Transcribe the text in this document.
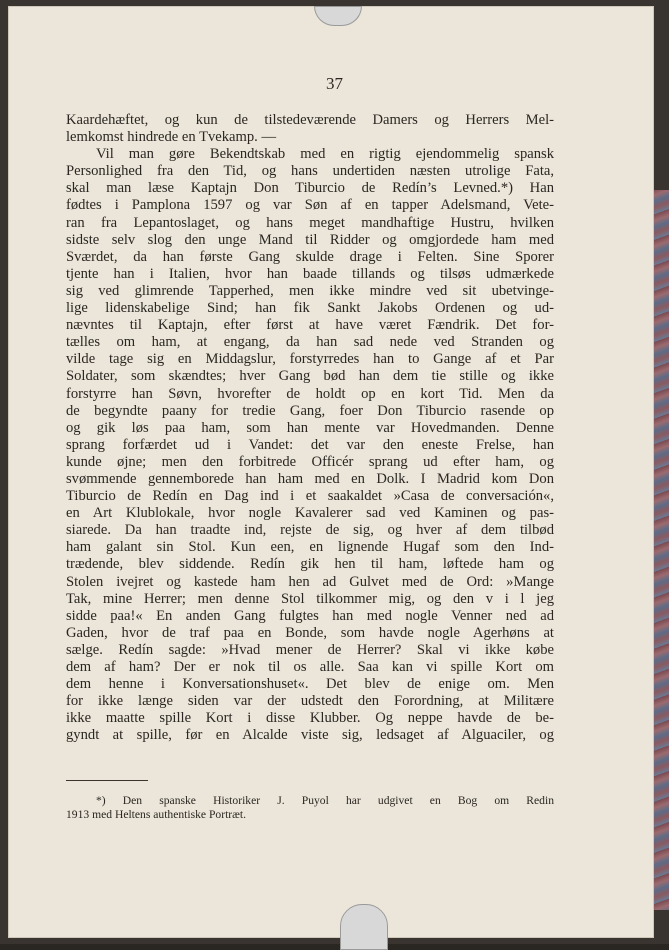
37
Kaardehæftet, og kun de tilstedeværende Damers og Herrers Mel-
lemkomst hindrede en Tvekamp. —
Vil man gøre Bekendtskab med en rigtig ejendommelig spansk
Personlighed fra den Tid, og hans undertiden næsten utrolige Fata,
skal man læse Kaptajn Don Tiburcio de Redín’s Levned.*) Han
fødtes i Pamplona 1597 og var Søn af en tapper Adelsmand, Vete-
ran fra Lepantoslaget, og hans meget mandhaftige Hustru, hvilken
sidste selv slog den unge Mand til Ridder og omgjordede ham med
Sværdet, da han første Gang skulde drage i Felten. Sine Sporer
tjente han i Italien, hvor han baade tillands og tilsøs udmærkede
sig ved glimrende Tapperhed, men ikke mindre ved sit ubetvinge-
lige lidenskabelige Sind; han fik Sankt Jakobs Ordenen og ud-
nævntes til Kaptajn, efter først at have været Fændrik. Det for-
tælles om ham, at engang, da han sad nede ved Stranden og
vilde tage sig en Middagslur, forstyrredes han to Gange af et Par
Soldater, som skændtes; hver Gang bød han dem tie stille og ikke
forstyrre han Søvn, hvorefter de holdt op en kort Tid. Men da
de begyndte paany for tredie Gang, foer Don Tiburcio rasende op
og gik løs paa ham, som han mente var Hovedmanden. Denne
sprang forfærdet ud i Vandet: det var den eneste Frelse, han
kunde øjne; men den forbitrede Officér sprang ud efter ham, og
svømmende gennemborede han ham med en Dolk. I Madrid kom Don
Tiburcio de Redín en Dag ind i et saakaldet »Casa de conversación«,
en Art Klublokale, hvor nogle Kavalerer sad ved Kaminen og pas-
siarede. Da han traadte ind, rejste de sig, og hver af dem tilbød
ham galant sin Stol. Kun een, en lignende Hugaf som den Ind-
trædende, blev siddende. Redín gik hen til ham, løftede ham og
Stolen ivejret og kastede ham hen ad Gulvet med de Ord: »Mange
Tak, mine Herrer; men denne Stol tilkommer mig, og den v i l jeg
sidde paa!« En anden Gang fulgtes han med nogle Venner ned ad
Gaden, hvor de traf paa en Bonde, som havde nogle Agerhøns at
sælge. Redín sagde: »Hvad mener de Herrer? Skal vi ikke købe
dem af ham? Der er nok til os alle. Saa kan vi spille Kort om
dem henne i Konversationshuset«. Det blev de enige om. Men
for ikke længe siden var der udstedt den Forordning, at Militære
ikke maatte spille Kort i disse Klubber. Og neppe havde de be-
gyndt at spille, før en Alcalde viste sig, ledsaget af Alguaciler, og
*) Den spanske Historiker J. Puyol har udgivet en Bog om Redin
1913 med Heltens authentiske Portræt.
